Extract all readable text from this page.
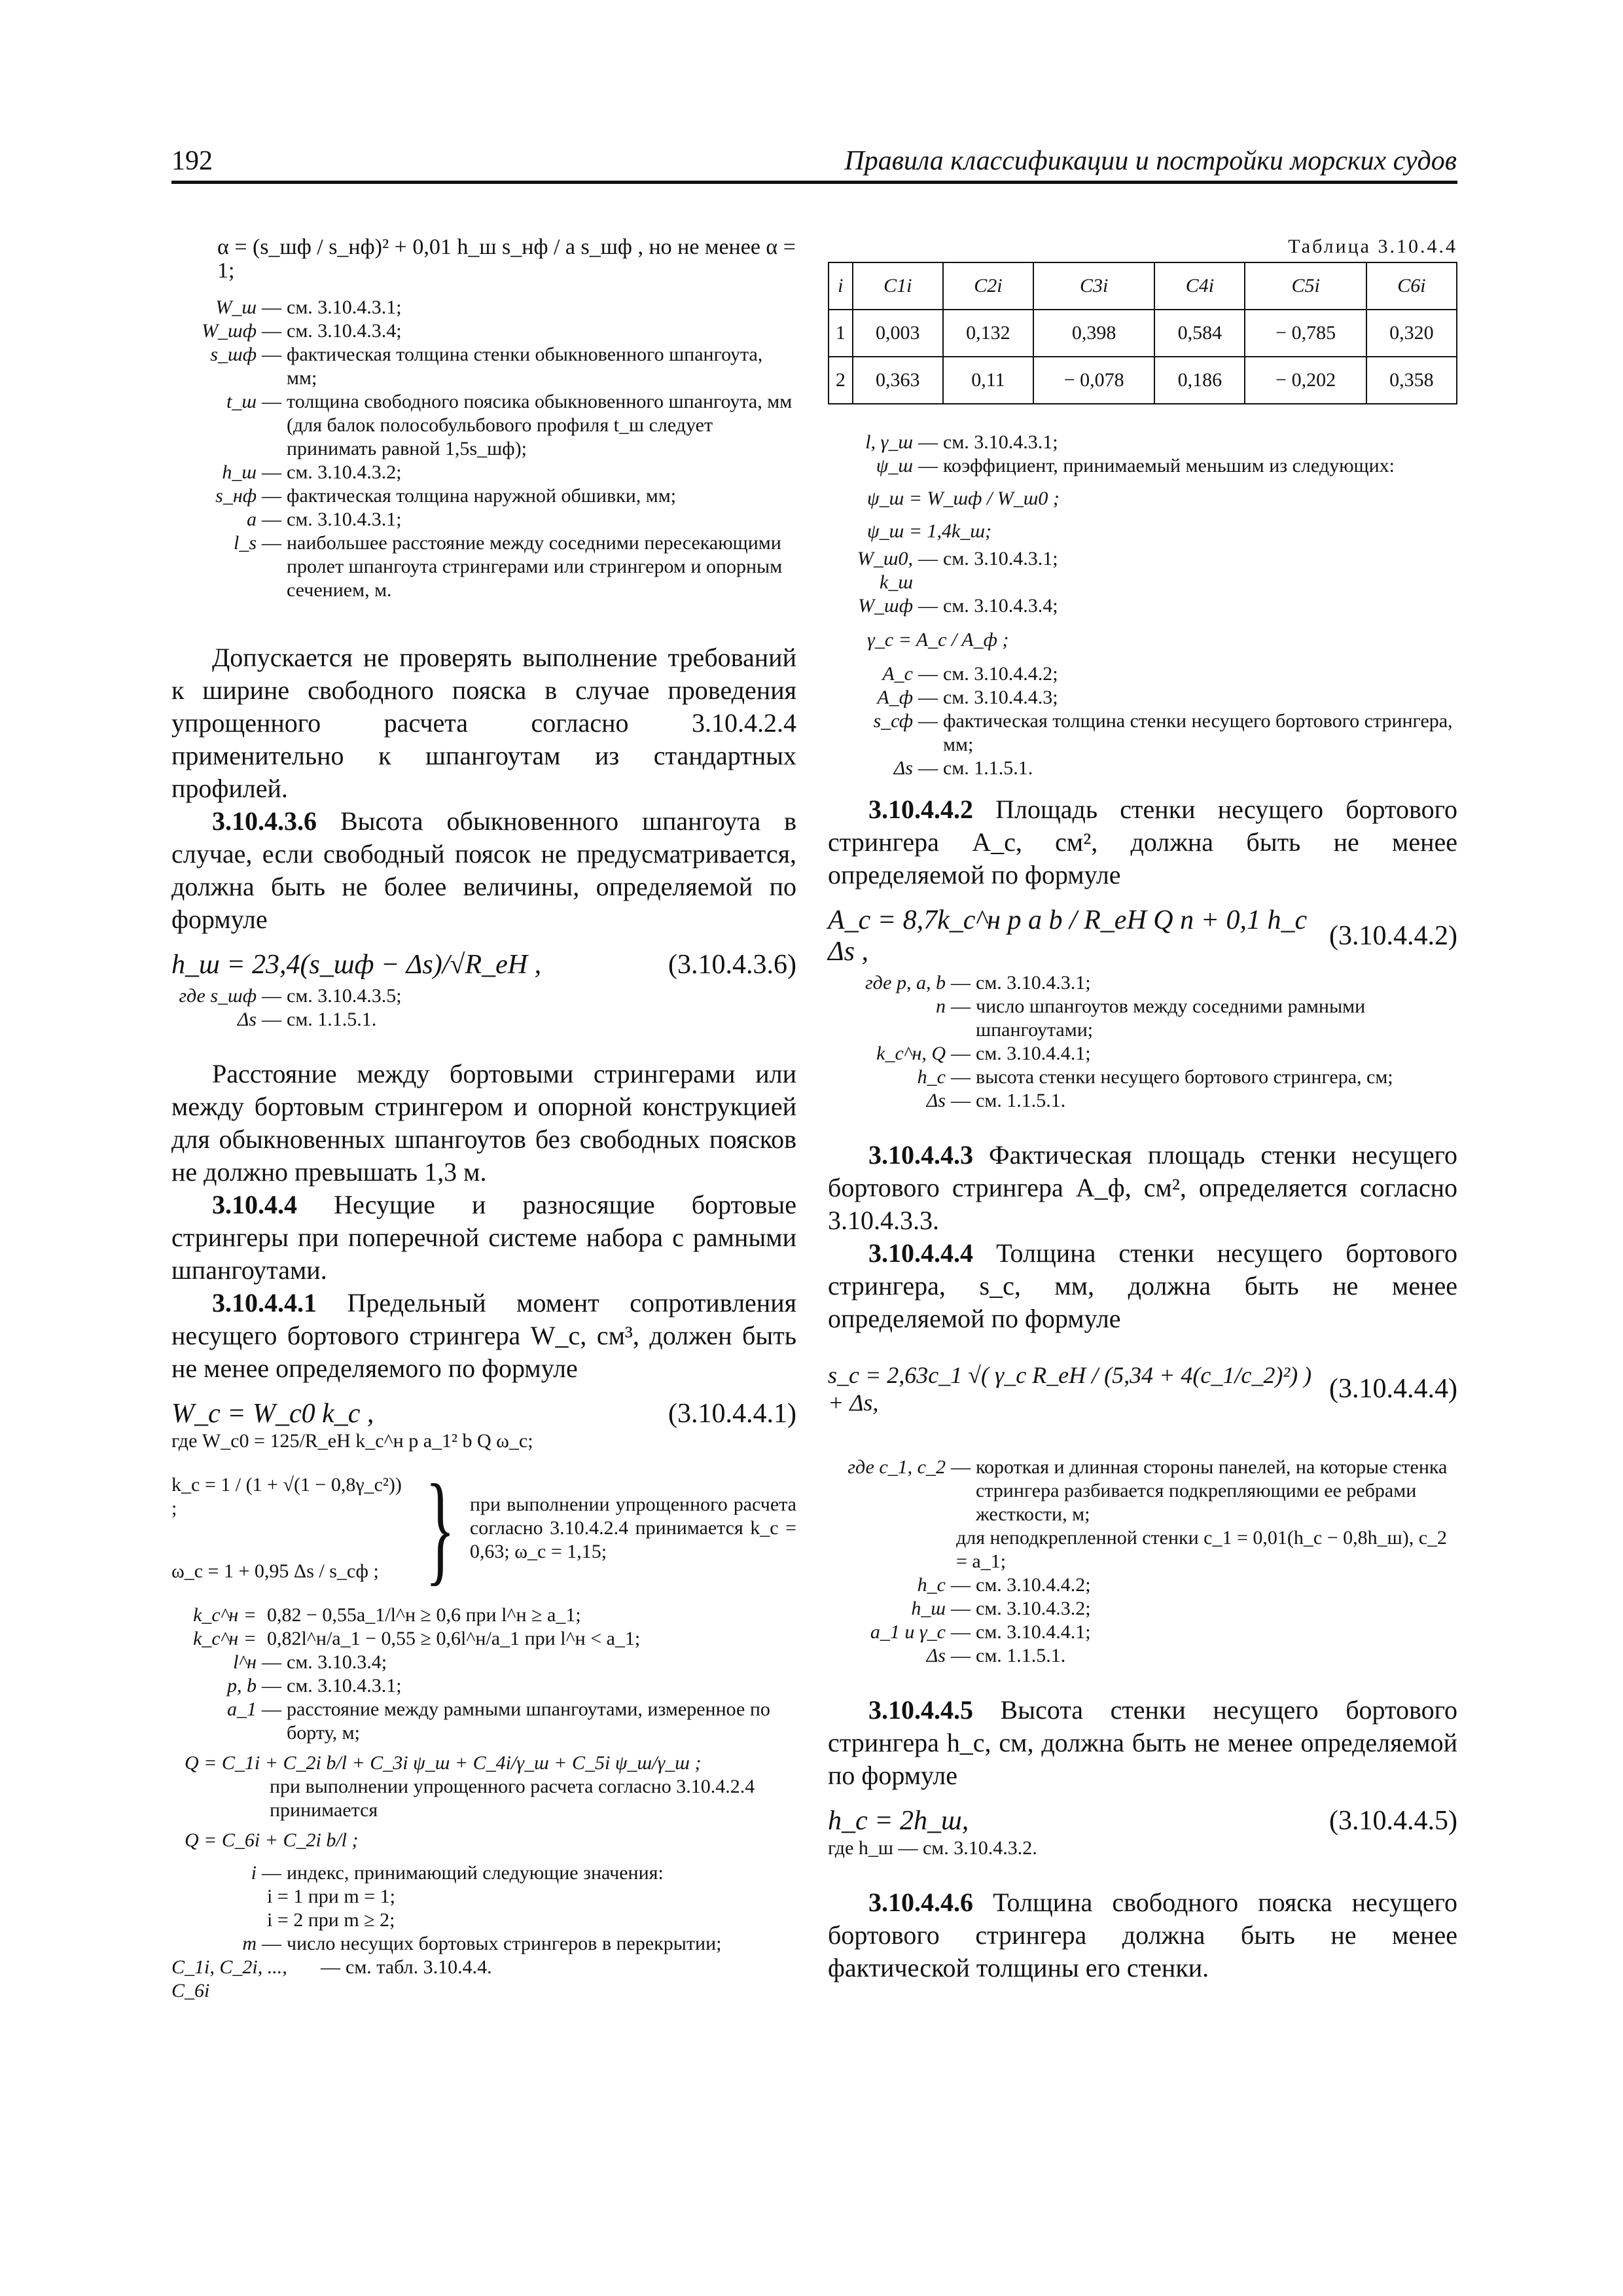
192	Правила классификации и постройки морских судов
α = (s_шф / s_нф)² + 0,01 h_ш s_нф / a s_шф , но не менее α = 1;
W_ш — см. 3.10.4.3.1;
W_шф — см. 3.10.4.3.4;
s_шф — фактическая толщина стенки обыкновенного шпангоута, мм;
t_ш — толщина свободного поясика обыкновенного шпангоута, мм (для балок полособульбового профиля t_ш следует принимать равной 1,5s_шф);
h_ш — см. 3.10.4.3.2;
s_нф — фактическая толщина наружной обшивки, мм;
a — см. 3.10.4.3.1;
l_s — наибольшее расстояние между соседними пересекающими пролет шпангоута стрингерами или стрингером и опорным сечением, м.

Допускается не проверять выполнение требований к ширине свободного пояска в случае проведения упрощенного расчета согласно 3.10.4.2.4 применительно к шпангоутам из стандартных профилей.

3.10.4.3.6 Высота обыкновенного шпангоута в случае, если свободный поясок не предусматривается, должна быть не более величины, определяемой по формуле

h_ш = 23,4(s_шф − Δs)/√R_eH ,	(3.10.4.3.6)
где s_шф — см. 3.10.4.3.5;
Δs — см. 1.1.5.1.

Расстояние между бортовыми стрингерами или между бортовым стрингером и опорной конструкцией для обыкновенных шпангоутов без свободных поясков не должно превышать 1,3 м.

3.10.4.4 Несущие и разносящие бортовые стрингеры при поперечной системе набора с рамными шпангоутами.

3.10.4.4.1 Предельный момент сопротивления несущего бортового стрингера W_c, см³, должен быть не менее определяемого по формуле

W_c = W_c0 k_c ,	(3.10.4.4.1)
где W_c0 = 125/R_eH k_c^н p a_1² b Q ω_c;
k_c = 1 / (1 + √(1 − 0,8γ_c²)) ;
ω_c = 1 + 0,95 Δs / s_сф ; } при выполнении упрощенного расчета согласно 3.10.4.2.4 принимается k_c = 0,63; ω_c = 1,15;
k_c^н = 0,82 − 0,55a_1/l^н ≥ 0,6 при l^н ≥ a_1;
k_c^н = 0,82l^н/a_1 − 0,55 ≥ 0,6l^н/a_1 при l^н < a_1;
l^н — см. 3.10.3.4;
p, b — см. 3.10.4.3.1;
a_1 — расстояние между рамными шпангоутами, измеренное по борту, м;
Q = C_1i + C_2i b/l + C_3i ψ_ш + C_4i/γ_ш + C_5i ψ_ш/γ_ш ;
при выполнении упрощенного расчета согласно 3.10.4.2.4 принимается
Q = C_6i + C_2i b/l ;
i — индекс, принимающий следующие значения:
i = 1 при m = 1;
i = 2 при m ≥ 2;
m — число несущих бортовых стрингеров в перекрытии;
C_1i, C_2i, ..., C_6i
— см. табл. 3.10.4.4.
Таблица 3.10.4.4
i	C1i	C2i	C3i	C4i	C5i	C6i
1	0,003	0,132	0,398	0,584	− 0,785	0,320
2	0,363	0,11	− 0,078	0,186	− 0,202	0,358
l, γ_ш — см. 3.10.4.3.1;
ψ_ш — коэффициент, принимаемый меньшим из следующих:
ψ_ш = W_шф / W_ш0 ;
ψ_ш = 1,4k_ш;
W_ш0, k_ш
— см. 3.10.4.3.1;
W_шф — см. 3.10.4.3.4;
γ_c = A_c / A_ф ;
A_c — см. 3.10.4.4.2;
A_ф — см. 3.10.4.4.3;
s_сф — фактическая толщина стенки несущего бортового стрингера, мм;
Δs — см. 1.1.5.1.

3.10.4.4.2 Площадь стенки несущего бортового стрингера A_c, см², должна быть не менее определяемой по формуле

A_c = 8,7k_c^н p a b / R_eH Q n + 0,1 h_c Δs ,
(3.10.4.4.2)
где p, a, b — см. 3.10.4.3.1;
n — число шпангоутов между соседними рамными шпангоутами;
k_c^н, Q — см. 3.10.4.4.1;
h_c — высота стенки несущего бортового стрингера, см;
Δs — см. 1.1.5.1.

3.10.4.4.3 Фактическая площадь стенки несущего бортового стрингера A_ф, см², определяется согласно 3.10.4.3.3.

3.10.4.4.4 Толщина стенки несущего бортового стрингера, s_c, мм, должна быть не менее определяемой по формуле

s_c = 2,63c_1 √( γ_c R_eH / (5,34 + 4(c_1/c_2)²) ) + Δs,	(3.10.4.4.4)
где c_1, c_2 — короткая и длинная стороны панелей, на которые стенка стрингера разбивается подкрепляющими ее ребрами жесткости, м;
для неподкрепленной стенки c_1 = 0,01(h_c − 0,8h_ш), c_2 = a_1;
h_c — см. 3.10.4.4.2;
h_ш — см. 3.10.4.3.2;
a_1 и γ_c — см. 3.10.4.4.1;
Δs — см. 1.1.5.1.

3.10.4.4.5 Высота стенки несущего бортового стрингера h_c, см, должна быть не менее определяемой по формуле

h_c = 2h_ш,	(3.10.4.4.5)
где h_ш — см. 3.10.4.3.2.

3.10.4.4.6 Толщина свободного пояска несущего бортового стрингера должна быть не менее фактической толщины его стенки.
